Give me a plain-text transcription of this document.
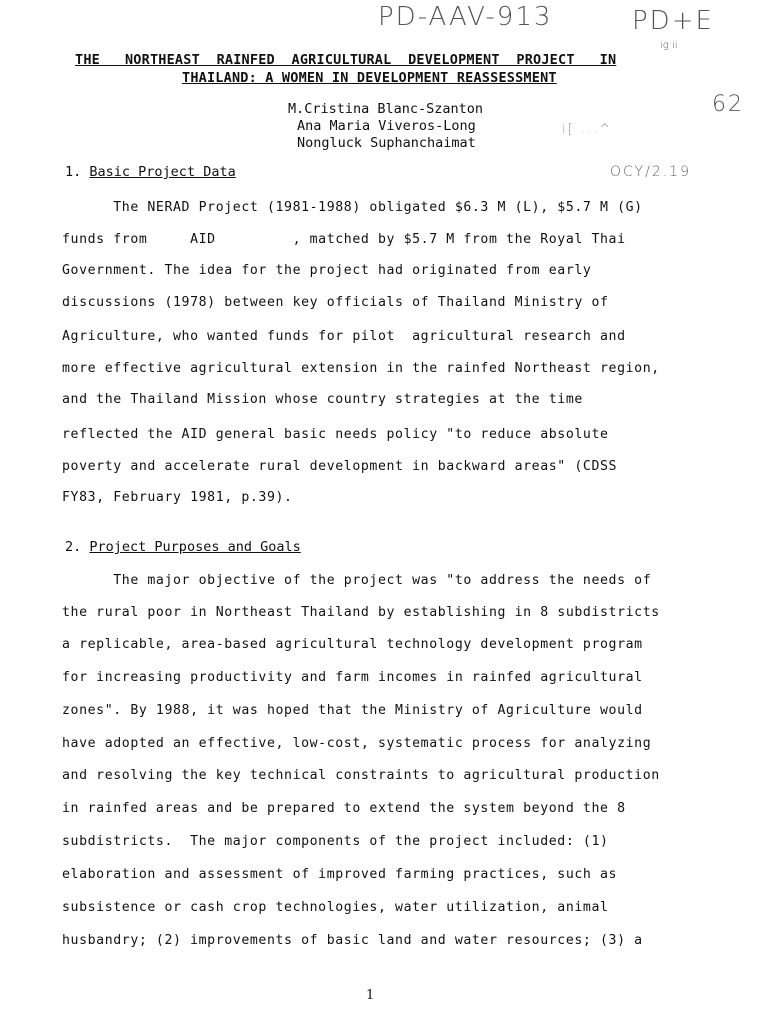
PD-AAV-913	PD+E
ig ii
62
i[ ...^
OCY/2.19
THE   NORTHEAST  RAINFED  AGRICULTURAL  DEVELOPMENT  PROJECT   IN
THAILAND: A WOMEN IN DEVELOPMENT REASSESSMENT
M.Cristina Blanc-Szanton
Ana Maria Viveros-Long
Nongluck Suphanchaimat
1. Basic Project Data
The NERAD Project (1981-1988) obligated $6.3 M (L), $5.7 M (G)
funds from     AID         , matched by $5.7 M from the Royal Thai
Government. The idea for the project had originated from early
discussions (1978) between key officials of Thailand Ministry of
Agriculture, who wanted funds for pilot  agricultural research and
more effective agricultural extension in the rainfed Northeast region,
and the Thailand Mission whose country strategies at the time
reflected the AID general basic needs policy "to reduce absolute
poverty and accelerate rural development in backward areas" (CDSS
FY83, February 1981, p.39).
2. Project Purposes and Goals
The major objective of the project was "to address the needs of
the rural poor in Northeast Thailand by establishing in 8 subdistricts
a replicable, area-based agricultural technology development program
for increasing productivity and farm incomes in rainfed agricultural
zones". By 1988, it was hoped that the Ministry of Agriculture would
have adopted an effective, low-cost, systematic process for analyzing
and resolving the key technical constraints to agricultural production
in rainfed areas and be prepared to extend the system beyond the 8
subdistricts.  The major components of the project included: (1)
elaboration and assessment of improved farming practices, such as
subsistence or cash crop technologies, water utilization, animal
husbandry; (2) improvements of basic land and water resources; (3) a
1
